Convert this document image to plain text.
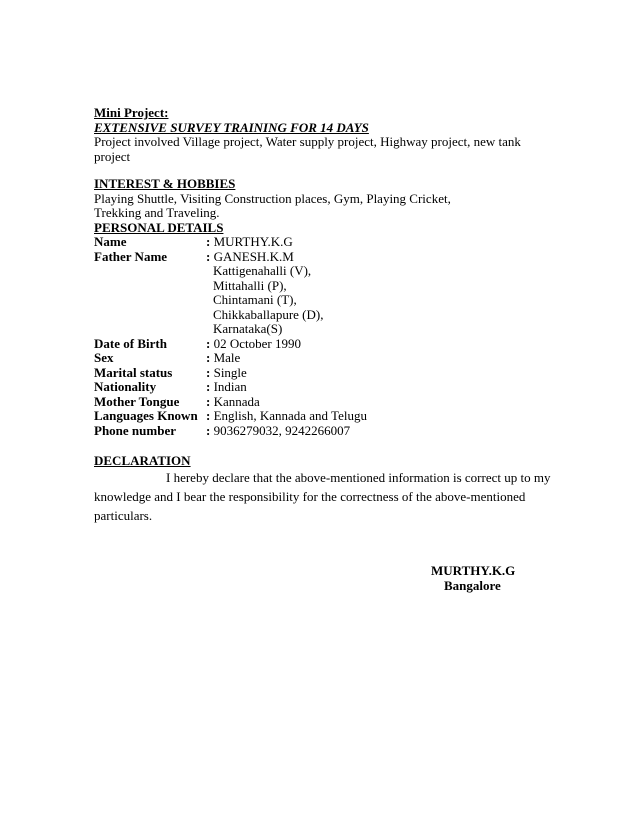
Mini Project:
EXTENSIVE SURVEY TRAINING FOR 14 DAYS
Project involved Village project, Water supply project, Highway project, new tank
project
INTEREST & HOBBIES
Playing Shuttle, Visiting Construction places, Gym, Playing Cricket,
Trekking and Traveling.
PERSONAL DETAILS
Name	: MURTHY.K.G
Father Name	: GANESH.K.M
Kattigenahalli (V),
Mittahalli (P),
Chintamani (T),
Chikkaballapure (D),
Karnataka(S)
Date of Birth	: 02 October 1990
Sex	: Male
Marital status	: Single
Nationality	: Indian
Mother Tongue : Kannada
Languages Known : English, Kannada and Telugu
Phone number : 9036279032, 9242266007
DECLARATION
I hereby declare that the above-mentioned information is correct up to my
knowledge and I bear the responsibility for the correctness of the above-mentioned
particulars.
MURTHY.K.G
Bangalore
